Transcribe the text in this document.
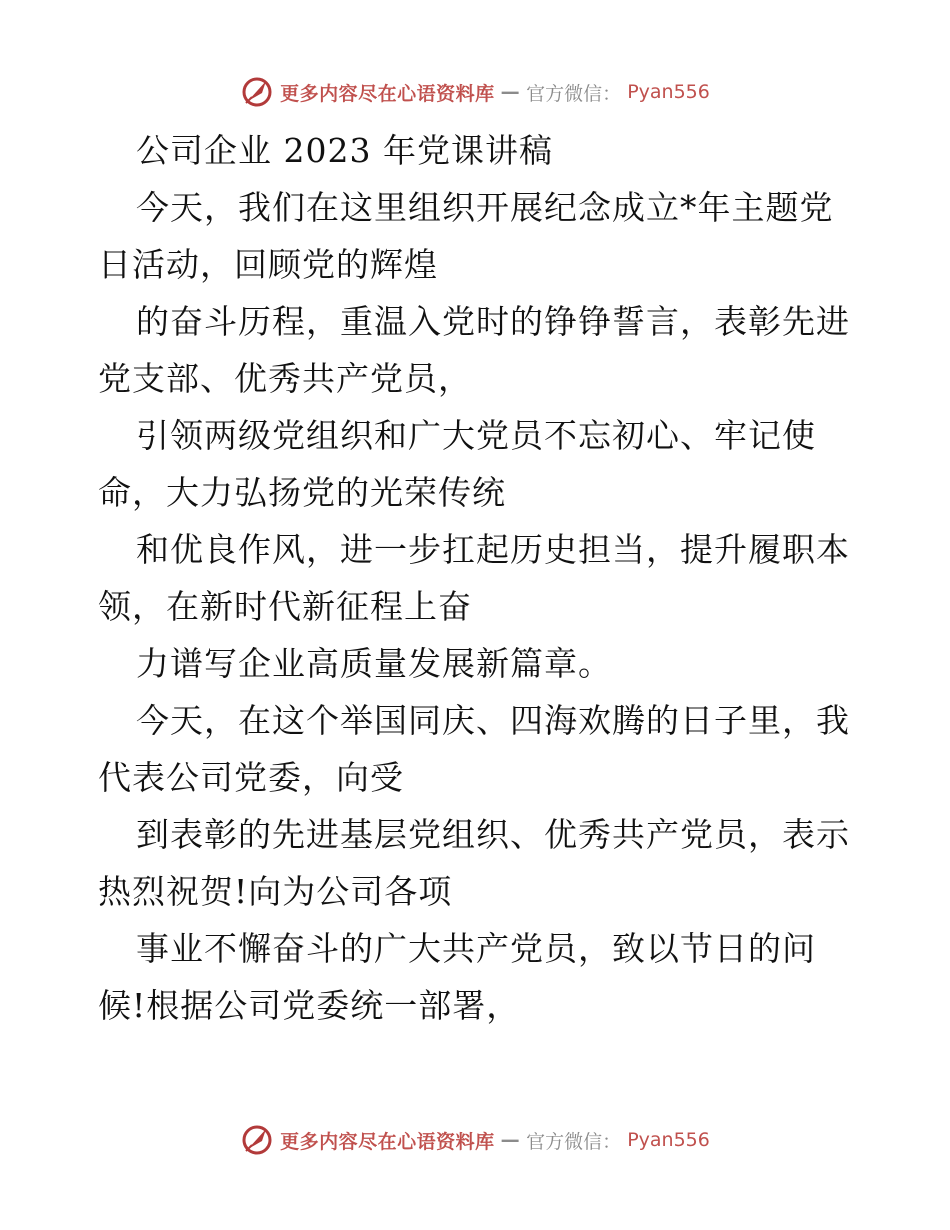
更多内容尽在心语资料库 — 官方微信： Pyan556

公司企业 2023 年党课讲稿

今天，我们在这里组织开展纪念成立*年主题党
日活动，回顾党的辉煌

的奋斗历程，重温入党时的铮铮誓言，表彰先进
党支部、优秀共产党员，

引领两级党组织和广大党员不忘初心、牢记使
命，大力弘扬党的光荣传统

和优良作风，进一步扛起历史担当，提升履职本
领，在新时代新征程上奋

力谱写企业高质量发展新篇章。

今天，在这个举国同庆、四海欢腾的日子里，我
代表公司党委，向受

到表彰的先进基层党组织、优秀共产党员，表示
热烈祝贺!向为公司各项

事业不懈奋斗的广大共产党员，致以节日的问
候!根据公司党委统一部署，

更多内容尽在心语资料库 — 官方微信： Pyan556
